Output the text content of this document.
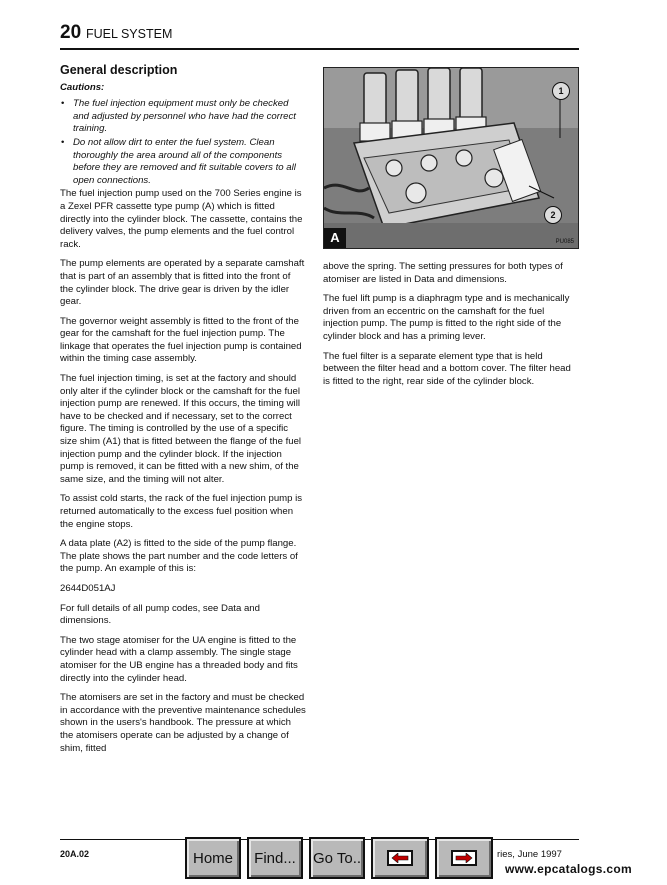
20 FUEL SYSTEM
General description
Cautions:
• The fuel injection equipment must only be checked and adjusted by personnel who have had the correct training.
• Do not allow dirt to enter the fuel system. Clean thoroughly the area around all of the components before they are removed and fit suitable covers to all open connections.

The fuel injection pump used on the 700 Series engine is a Zexel PFR cassette type pump (A) which is fitted directly into the cylinder block. The cassette, contains the delivery valves, the pump elements and the fuel control rack.

The pump elements are operated by a separate camshaft that is part of an assembly that is fitted into the front of the cylinder block. The drive gear is driven by the idler gear.

The governor weight assembly is fitted to the front of the gear for the camshaft for the fuel injection pump. The linkage that operates the fuel injection pump is contained within the timing case assembly.

The fuel injection timing, is set at the factory and should only alter if the cylinder block or the camshaft for the fuel injection pump are renewed. If this occurs, the timing will have to be checked and if necessary, set to the correct figure. The timing is controlled by the use of a specific size shim (A1) that is fitted between the flange of the fuel injection pump and the cylinder block. If the injection pump is removed, it can be fitted with a new shim, of the same size, and the timing will not alter.

To assist cold starts, the rack of the fuel injection pump is returned automatically to the excess fuel position when the engine stops.

A data plate (A2) is fitted to the side of the pump flange. The plate shows the part number and the code letters of the pump. An example of this is:

2644D051AJ

For full details of all pump codes, see Data and dimensions.

The two stage atomiser for the UA engine is fitted to the cylinder head with a clamp assembly. The single stage atomiser for the UB engine has a threaded body and fits directly into the cylinder head.

The atomisers are set in the factory and must be checked in accordance with the preventive maintenance schedules shown in the users's handbook. The pressure at which the atomisers operate can be adjusted by a change of shim, fitted

1
2
A	PU085

above the spring. The setting pressures for both types of atomiser are listed in Data and dimensions.

The fuel lift pump is a diaphragm type and is mechanically driven from an eccentric on the camshaft for the fuel injection pump. The pump is fitted to the right side of the cylinder block and has a priming lever.

The fuel filter is a separate element type that is held between the filter head and a bottom cover. The filter head is fitted to the right, rear side of the cylinder block.

20A.02	ries, June 1997
Home	Find...	Go To..
www.epcatalogs.com
